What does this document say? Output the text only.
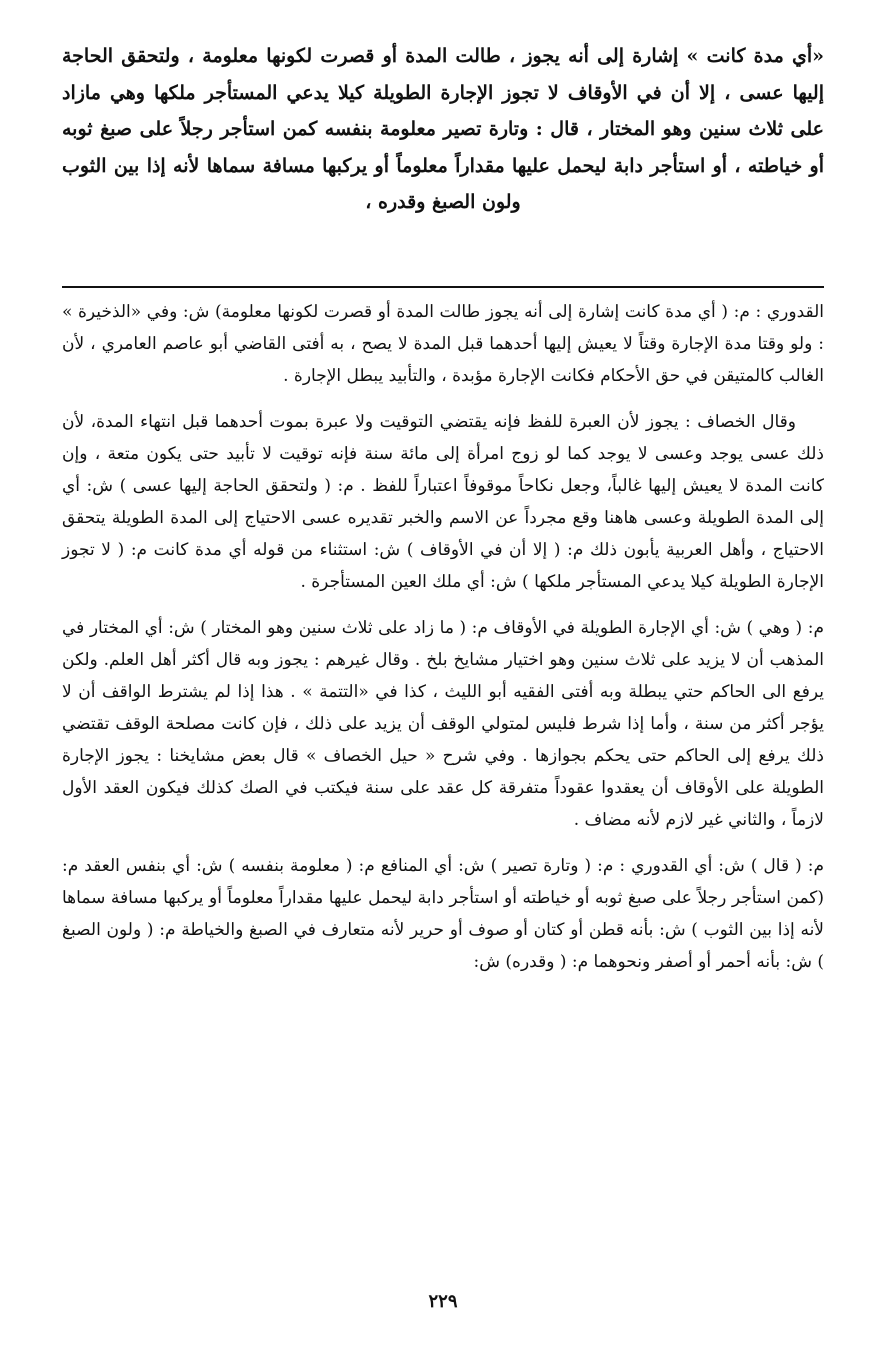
«أي مدة كانت » إشارة إلى أنه يجوز ، طالت المدة أو قصرت لكونها معلومة ، ولتحقق الحاجة إليها عسى ، إلا أن في الأوقاف لا تجوز الإجارة الطويلة كيلا يدعي المستأجر ملكها وهي مازاد على ثلاث سنين وهو المختار ، قال : وتارة تصير معلومة بنفسه كمن استأجر رجلاً على صبغ ثوبه أو خياطته ، أو استأجر دابة ليحمل عليها مقداراً معلوماً أو يركبها مسافة سماها لأنه إذا بين الثوب ولون الصبغ وقدره ،

القدوري : م: ( أي مدة كانت إشارة إلى أنه يجوز طالت المدة أو قصرت لكونها معلومة) ش: وفي «الذخيرة » : ولو وقتا مدة الإجارة وقتاً لا يعيش إليها أحدهما قبل المدة لا يصح ، به أفتى القاضي أبو عاصم العامري ، لأن الغالب كالمتيقن في حق الأحكام فكانت الإجارة مؤبدة ، والتأبيد يبطل الإجارة .

وقال الخصاف : يجوز لأن العبرة للفظ فإنه يقتضي التوقيت ولا عبرة بموت أحدهما قبل انتهاء المدة، لأن ذلك عسى يوجد وعسى لا يوجد كما لو زوج امرأة إلى مائة سنة فإنه توقيت لا تأبيد حتى يكون متعة ، وإن كانت المدة لا يعيش إليها غالباً، وجعل نكاحاً موقوفاً اعتباراً للفظ . م: ( ولتحقق الحاجة إليها عسى ) ش: أي إلى المدة الطويلة وعسى هاهنا وقع مجرداً عن الاسم والخبر تقديره عسى الاحتياج إلى المدة الطويلة يتحقق الاحتياج ، وأهل العربية يأبون ذلك م: ( إلا أن في الأوقاف ) ش: استثناء من قوله أي مدة كانت م: ( لا تجوز الإجارة الطويلة كيلا يدعي المستأجر ملكها ) ش: أي ملك العين المستأجرة .

م: ( وهي ) ش: أي الإجارة الطويلة في الأوقاف م: ( ما زاد على ثلاث سنين وهو المختار ) ش: أي المختار في المذهب أن لا يزيد على ثلاث سنين وهو اختيار مشايخ بلخ . وقال غيرهم : يجوز وبه قال أكثر أهل العلم. ولكن يرفع الى الحاكم حتي يبطلة وبه أفتى الفقيه أبو الليث ، كذا في «التتمة » . هذا إذا لم يشترط الواقف أن لا يؤجر أكثر من سنة ، وأما إذا شرط فليس لمتولي الوقف أن يزيد على ذلك ، فإن كانت مصلحة الوقف تقتضي ذلك يرفع إلى الحاكم حتى يحكم بجوازها . وفي شرح « حيل الخصاف » قال بعض مشايخنا : يجوز الإجارة الطويلة على الأوقاف أن يعقدوا عقوداً متفرقة كل عقد على سنة فيكتب في الصك كذلك فيكون العقد الأول لازماً ، والثاني غير لازم لأنه مضاف .

م: ( قال ) ش: أي القدوري : م: ( وتارة تصير ) ش: أي المنافع م: ( معلومة بنفسه ) ش: أي بنفس العقد م: (كمن استأجر رجلاً على صبغ ثوبه أو خياطته أو استأجر دابة ليحمل عليها مقداراً معلوماً أو يركبها مسافة سماها لأنه إذا بين الثوب ) ش: بأنه قطن أو كتان أو صوف أو حرير لأنه متعارف في الصبغ والخياطة م: ( ولون الصبغ ) ش: بأنه أحمر أو أصفر ونحوهما م: ( وقدره) ش:

٢٢٩
